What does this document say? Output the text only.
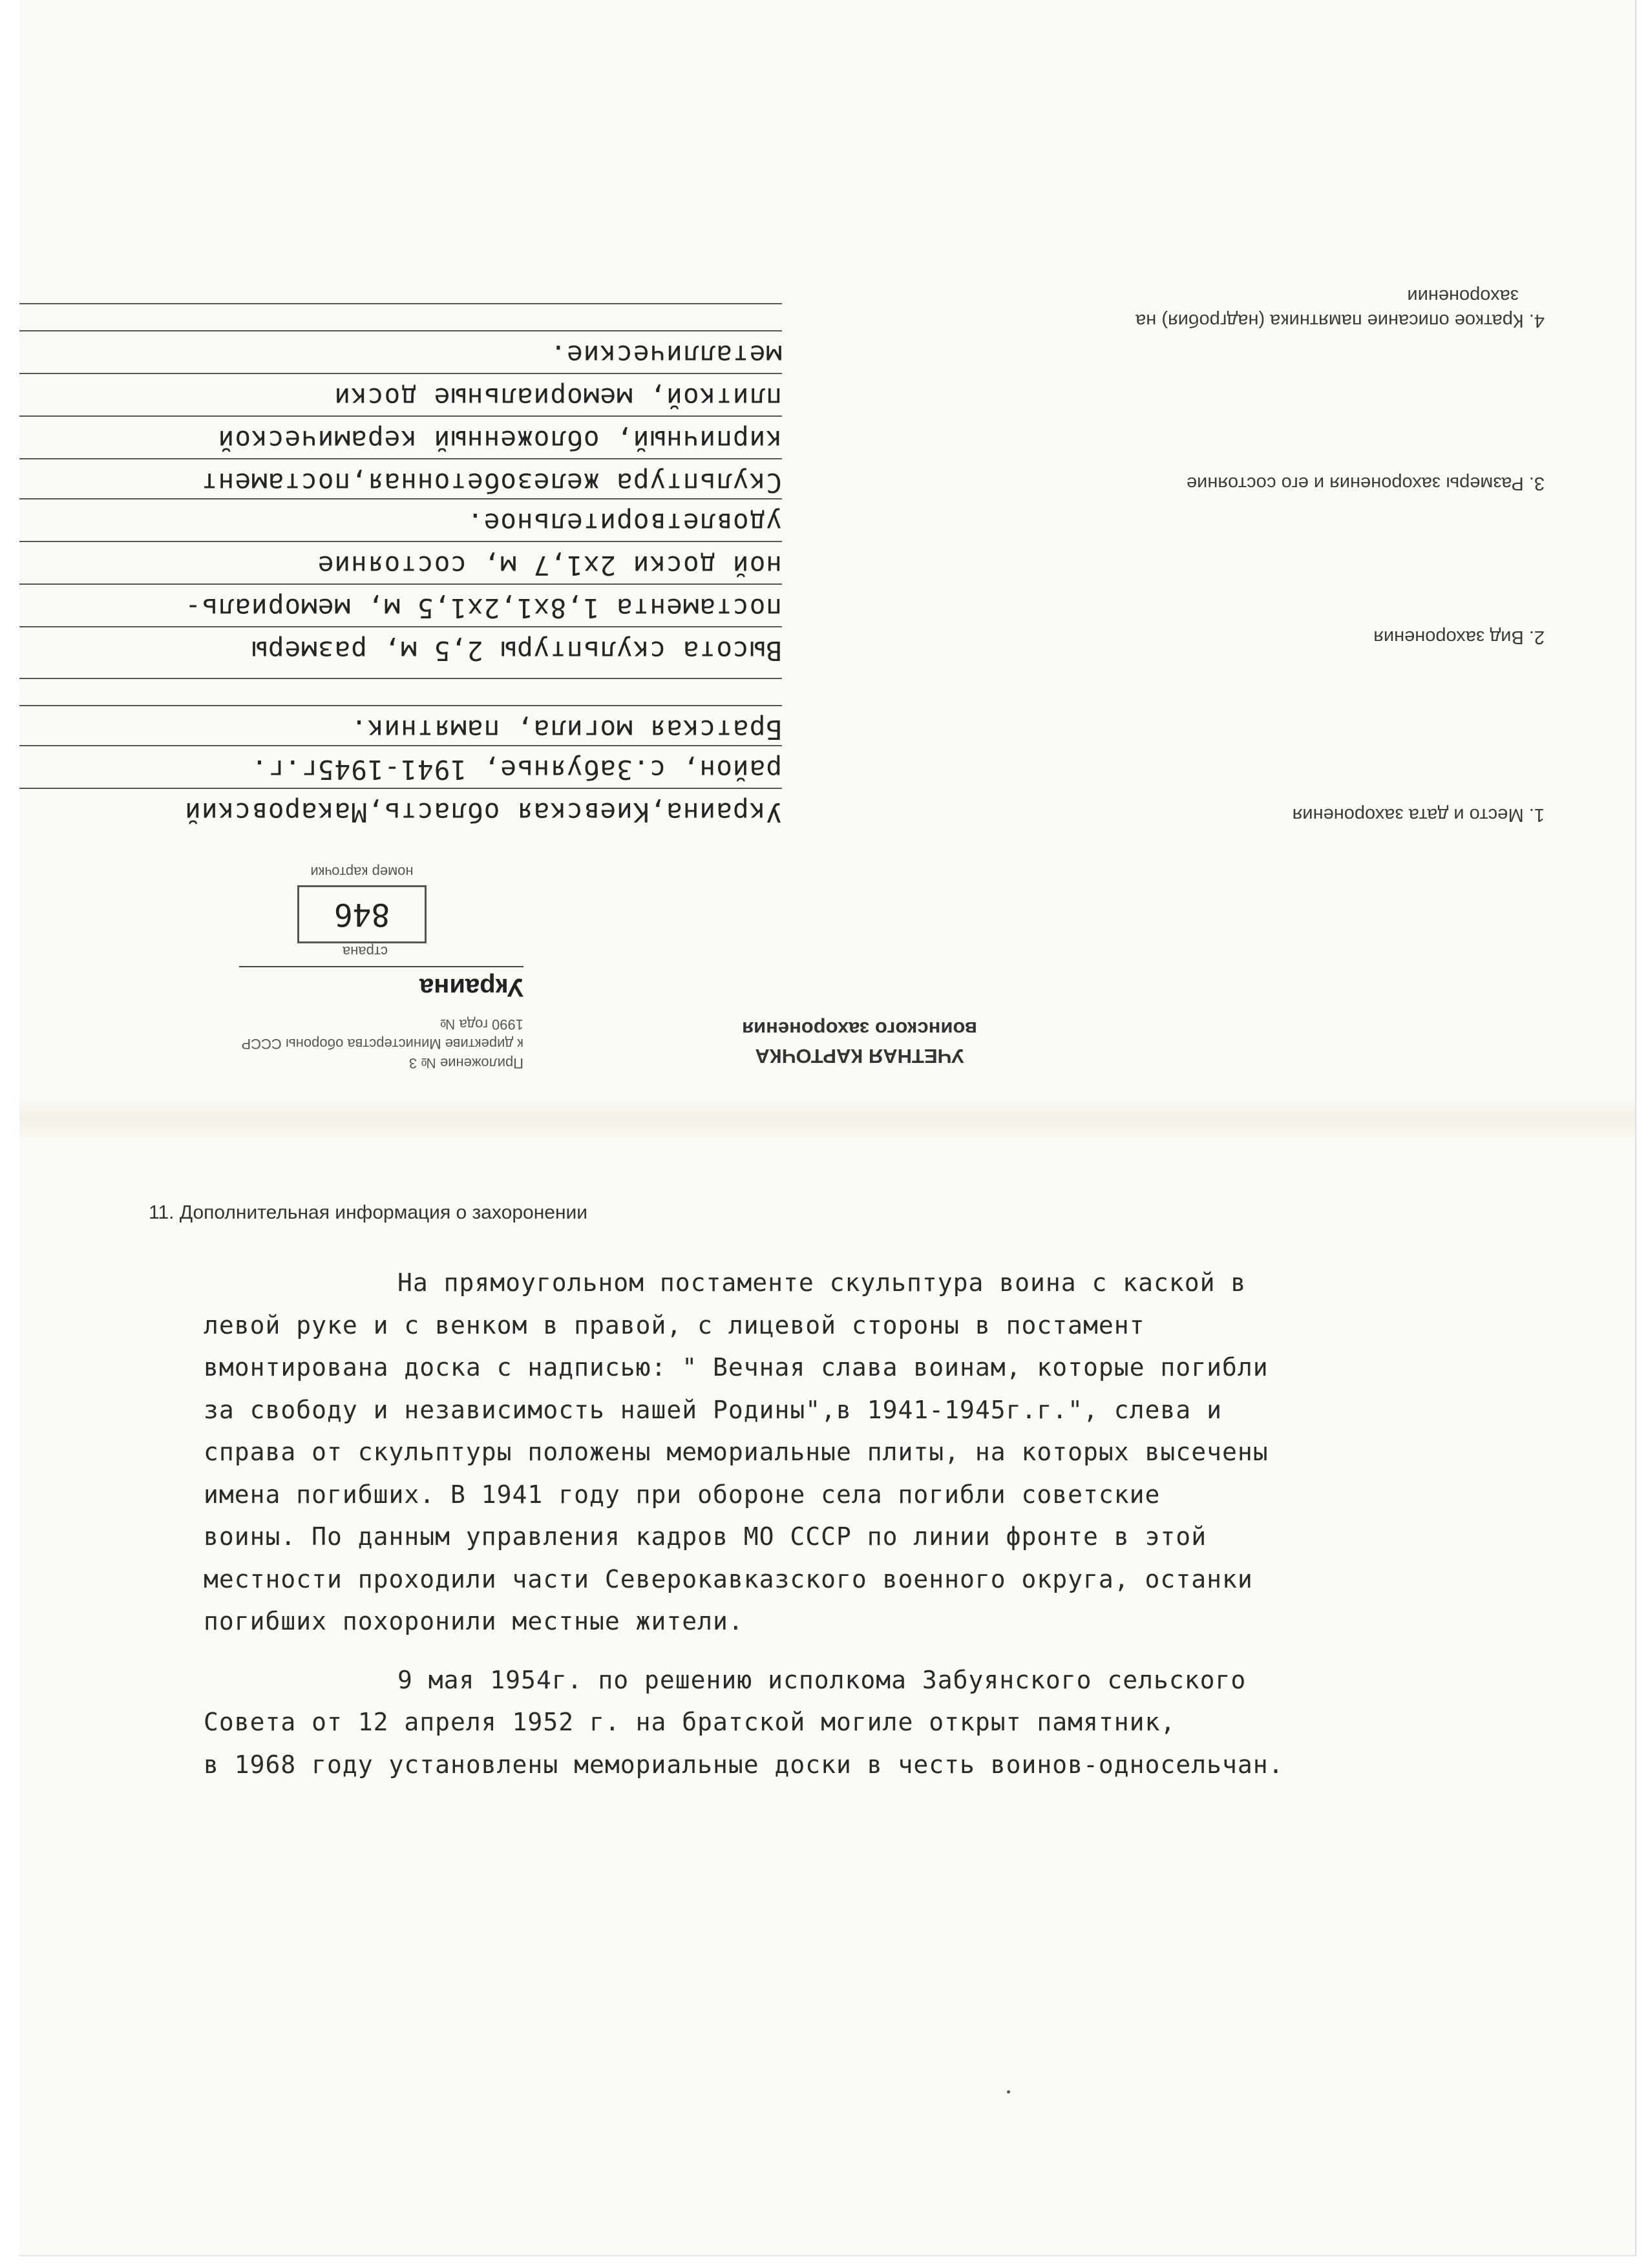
УЧЕТНАЯ КАРТОЧКА
воинского захоронения
Приложение № 3
к директиве Министерства обороны СССР
1990 года №
Украина
страна
846
номер карточки
1. Место и дата захоронения
Украина,Киевская область,Макаровский
район, с.Забуянье, 1941-1945г.г.
2. Вид захоронения
Братская могила, памятник.
3. Размеры захоронения и его состояние
Высота скульптуры 2,5 м, размеры
постамента 1,8х1,2х1,5 м, мемориаль-
ной доски 2х1,7 м, состояние
удовлетворительное.
4. Краткое описание памятника (надгробия) на
захоронении
Скульптура железобетонная,постамент
кирпичный, обложенный керамической
плиткой, мемориальные доски
металлические.
11. Дополнительная информация о захоронении

На прямоугольном постаменте скульптура воина с каской в
левой руке и с венком в правой, с лицевой стороны в постамент
вмонтирована доска с надписью: " Вечная слава воинам, которые погибли
за свободу и независимость нашей Родины",в 1941-1945г.г.", слева и
справа от скульптуры положены мемориальные плиты, на которых высечены
имена погибших. В 1941 году при обороне села погибли советские
воины. По данным управления кадров МО СССР по линии фронте в этой
местности проходили части Северокавказского военного округа, останки
погибших похоронили местные жители.

9 мая 1954г. по решению исполкома Забуянского сельского
Совета от 12 апреля 1952 г. на братской могиле открыт памятник,
в 1968 году установлены мемориальные доски в честь воинов-односельчан.
